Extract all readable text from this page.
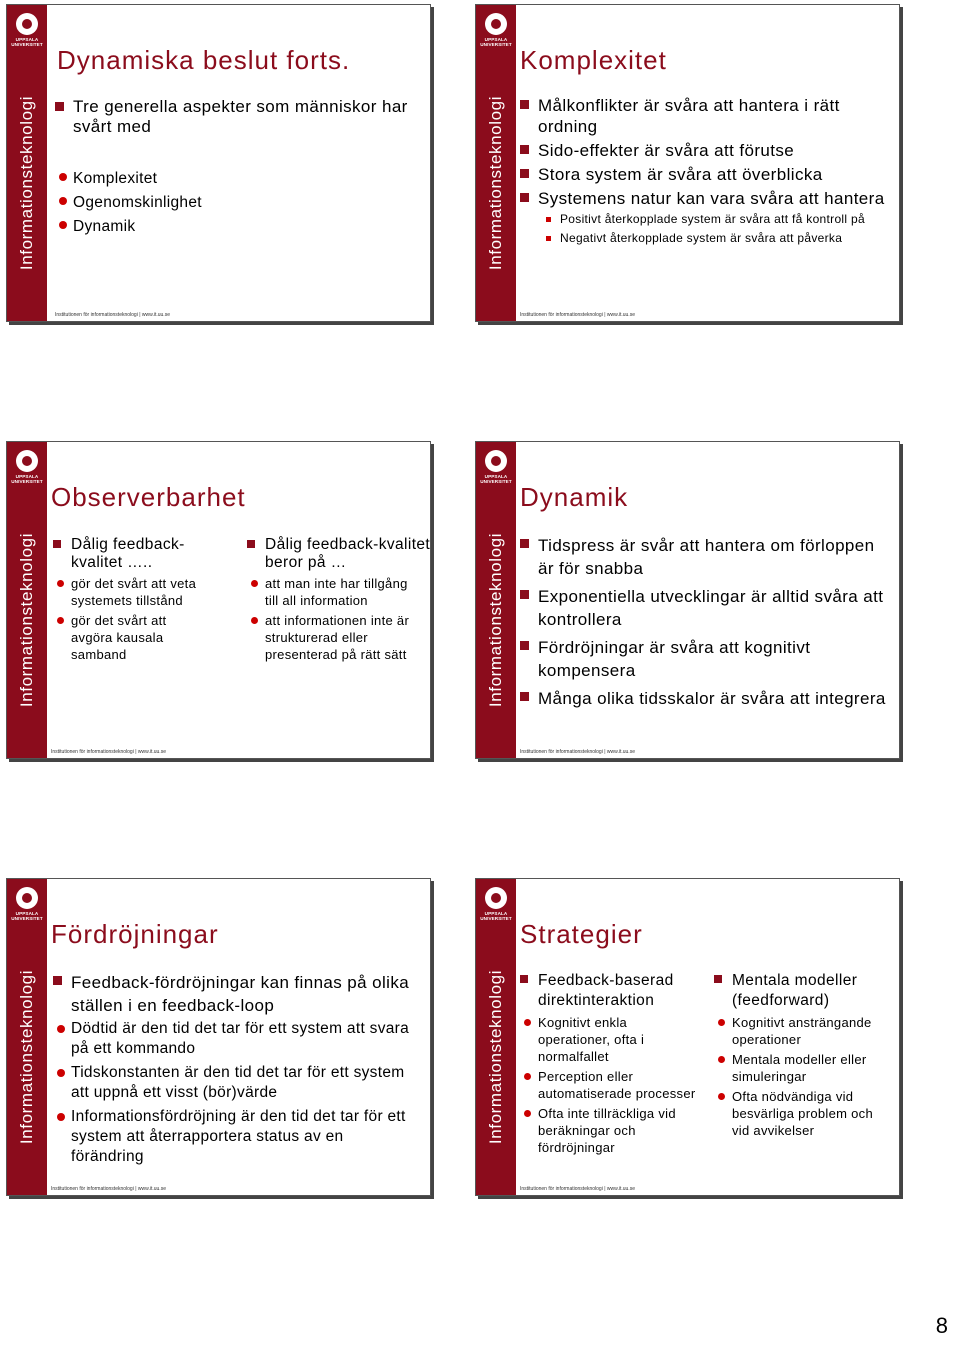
UPPSALA
UNIVERSITET
Informationsteknologi
Dynamiska beslut forts.
Tre generella aspekter som människor har svårt med
Komplexitet
Ogenomskinlighet
Dynamik
Institutionen för informationsteknologi | www.it.uu.se
UPPSALA
UNIVERSITET
Informationsteknologi
Komplexitet
Målkonflikter är svåra att hantera i rätt ordning
Sido-effekter är svåra att förutse
Stora system är svåra att överblicka
Systemens natur kan vara svåra att hantera
Positivt återkopplade system är svåra att få kontroll på
Negativt återkopplade system är svåra att påverka
Institutionen för informationsteknologi | www.it.uu.se
UPPSALA
UNIVERSITET
Informationsteknologi
Observerbarhet
Dålig feedback-kvalitet …..
gör det svårt att veta systemets tillstånd
gör det svårt att avgöra kausala samband
Dålig feedback-kvalitet beror på …
att man inte har tillgång till all information
att informationen inte är strukturerad eller presenterad på rätt sätt
Institutionen för informationsteknologi | www.it.uu.se
UPPSALA
UNIVERSITET
Informationsteknologi
Dynamik
Tidspress är svår att hantera om förloppen är för snabba
Exponentiella utvecklingar är alltid svåra att kontrollera
Fördröjningar är svåra att kognitivt kompensera
Många olika tidsskalor är svåra att integrera
Institutionen för informationsteknologi | www.it.uu.se
UPPSALA
UNIVERSITET
Informationsteknologi
Fördröjningar
Feedback-fördröjningar kan finnas på olika ställen i en feedback-loop
Dödtid är den tid det tar för ett system att svara på ett kommando
Tidskonstanten är den tid det tar för ett system att uppnå ett visst (bör)värde
Informationsfördröjning är den tid det tar för ett system att återrapportera status av en förändring
Institutionen för informationsteknologi | www.it.uu.se
UPPSALA
UNIVERSITET
Informationsteknologi
Strategier
Feedback-baserad direktinteraktion
Kognitivt enkla operationer, ofta i normalfallet
Perception eller automatiserade processer
Ofta inte tillräckliga vid beräkningar och fördröjningar
Mentala modeller (feedforward)
Kognitivt ansträngande operationer
Mentala modeller eller simuleringar
Ofta nödvändiga vid besvärliga problem och vid avvikelser
Institutionen för informationsteknologi | www.it.uu.se
8
